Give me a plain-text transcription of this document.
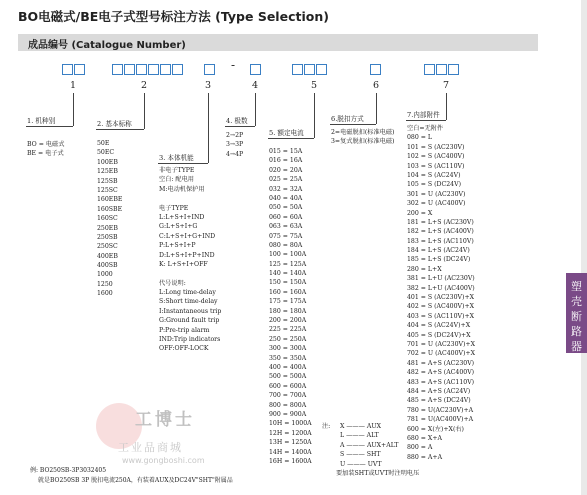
BO电磁式/BE电子式型号标注方法 (Type Selection)
成品编号 (Catalogue Number)
-
1	2	3	4	5	6	7
1. 机种别	2. 基本标称
3. 本体机能
4. 极数
5. 额定电流
6.脱扣方式	7.内部附件
BO = 电磁式
BE = 电子式
50E
50EC
100EB
125EB
125SB
125SC
160EBE
160SBE
160SC
250EB
250SB
250SC
400EB
400SB
1000
1250
1600
非电子TYPE
空白: 配电用
M:电动机保护用
电子TYPE
L:L+S+I+IND
G:L+S+I+G
C:L+S+I+G+IND
P:L+S+I+P
D:L+S+I+P+IND
K: L+S+I+OFF
代号说明:
L:Long time-delay
S:Short time-delay
I:Instantaneous trip
G:Ground fault trip
P:Pre-trip alarm
IND:Trip indicators
OFF:OFF-LOCK
2→2P
3→3P
4→4P	015 = 15A
016 = 16A
020 = 20A
025 = 25A
032 = 32A
040 = 40A
050 = 50A
060 = 60A
063 = 63A
075 = 75A
080 = 80A
100 = 100A
125 = 125A
140 = 140A
150 = 150A
160 = 160A
175 = 175A
180 = 180A
200 = 200A
225 = 225A
250 = 250A
300 = 300A
350 = 350A
400 = 400A
500 = 500A
600 = 600A
700 = 700A
800 = 800A
900 = 900A
10H = 1000A
12H = 1200A
13H = 1250A
14H = 1400A
16H = 1600A
2=电磁脱扣(标准电磁)
3=复式脱扣(标准电磁)
注: X ——— AUX
L ——— ALT
A ——— AUX+ALT
S ——— SHT
U ——— UVT
要加装SHT或UVT时注明电压
空白=无附件
080 = L
101 = S (AC230V)
102 = S (AC400V)
103 = S (AC110V)
104 = S (AC24V)
105 = S (DC24V)
301 = U (AC230V)
302 = U (AC400V)
200 = X
181 = L+S (AC230V)
182 = L+S (AC400V)
183 = L+S (AC110V)
184 = L+S (AC24V)
185 = L+S (DC24V)
280 = L+X
381 = L+U (AC230V)
382 = L+U (AC400V)
401 = S (AC230V)+X
402 = S (AC400V)+X
403 = S (AC110V)+X
404 = S (AC24V)+X
405 = S (DC24V)+X
701 = U (AC230V)+X
702 = U (AC400V)+X
481 = A+S (AC230V)
482 = A+S (AC400V)
483 = A+S (AC110V)
484 = A+S (AC24V)
485 = A+S (DC24V)
780 = U(AC230V)+A
781 = U(AC400V)+A
600 = X(左)+X(右)
680 = X+A
800 = A
880 = A+A
工博士
工业品商城
www.gongboshi.com
例: BO250SB-3P3032405
就是BO250SB 3P 脱扣电流250A，有装着AUX及DC24V"SHT"附属品
塑
壳
断
路
器
